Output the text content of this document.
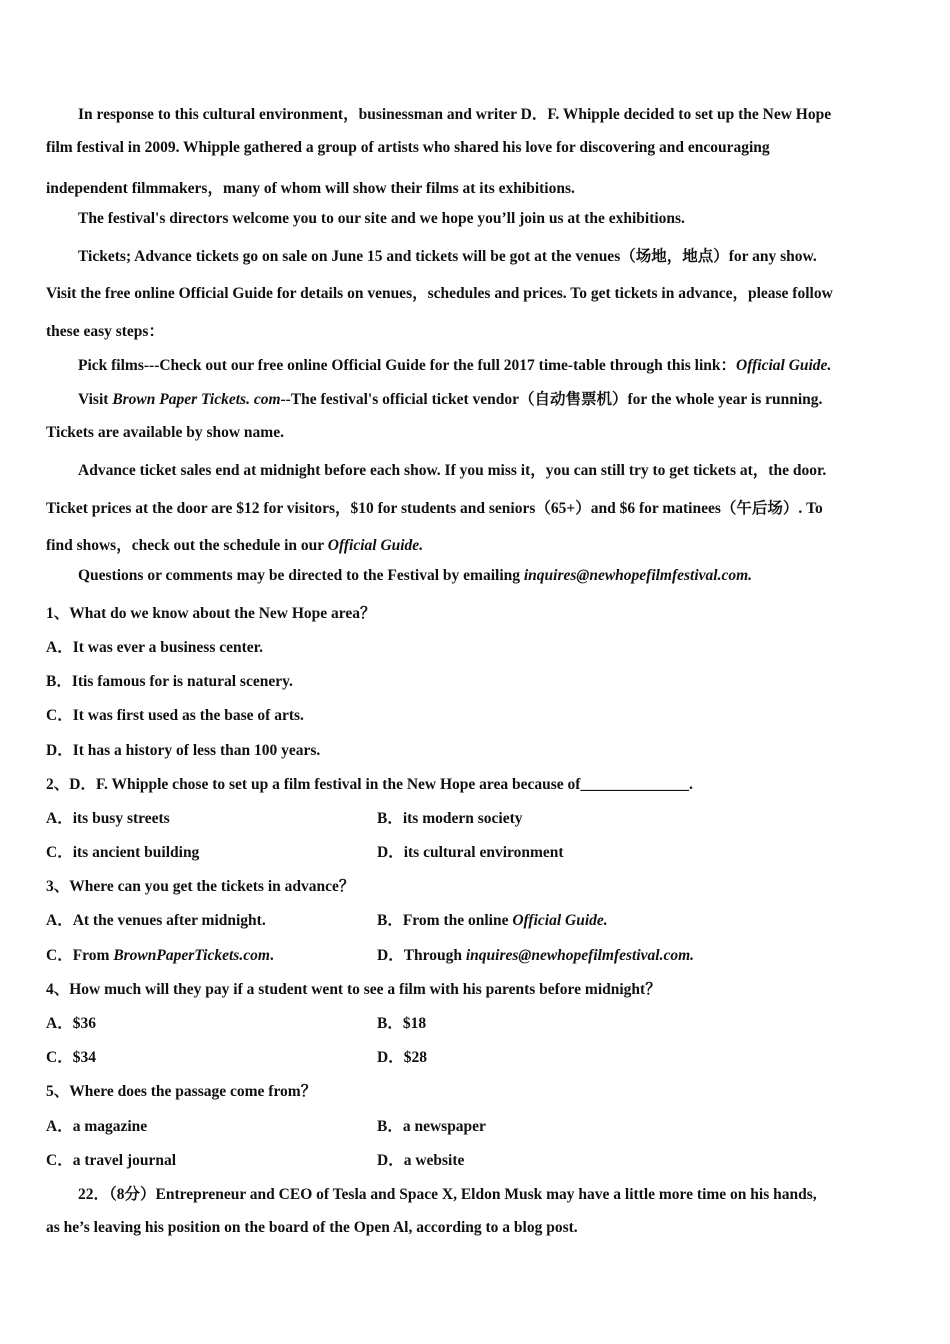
In response to this cultural environment，businessman and writer D．F. Whipple decided to set up the New Hope
film festival in 2009. Whipple gathered a group of artists who shared his love for discovering and encouraging
independent filmmakers，many of whom will show their films at its exhibitions.
The festival's directors welcome you to our site and we hope you’ll join us at the exhibitions.
Tickets; Advance tickets go on sale on June 15 and tickets will be got at the venues（场地，地点）for any show.
Visit the free online Official Guide for details on venues，schedules and prices. To get tickets in advance，please follow
these easy steps：
Pick films---Check out our free online Official Guide for the full 2017 time-table through this link：Official Guide.
Visit Brown Paper Tickets. com--The festival's official ticket vendor（自动售票机）for the whole year is running.
Tickets are available by show name.
Advance ticket sales end at midnight before each show. If you miss it，you can still try to get tickets at，the door.
Ticket prices at the door are $12 for visitors，$10 for students and seniors（65+）and $6 for matinees（午后场）. To
find shows，check out the schedule in our Official Guide.
Questions or comments may be directed to the Festival by emailing inquires@newhopefilmfestival.com.
1、What do we know about the New Hope area？
A．It was ever a business center.
B．Itis famous for is natural scenery.
C．It was first used as the base of arts.
D．It has a history of less than 100 years.
2、D．F. Whipple chose to set up a film festival in the New Hope area because of______________.
A．its busy streets	B．its modern society
C．its ancient building	D．its cultural environment
3、Where can you get the tickets in advance？
A．At the venues after midnight.	B．From the online Official Guide.
C．From BrownPaperTickets.com.	D．Through inquires@newhopefilmfestival.com.
4、How much will they pay if a student went to see a film with his parents before midnight？
A．$36	B．$18
C．$34	D．$28
5、Where does the passage come from？
A．a magazine	B．a newspaper
C．a travel journal	D．a website
22．（8分）Entrepreneur and CEO of Tesla and Space X, Eldon Musk may have a little more time on his hands,
as he’s leaving his position on the board of the Open Al, according to a blog post.
